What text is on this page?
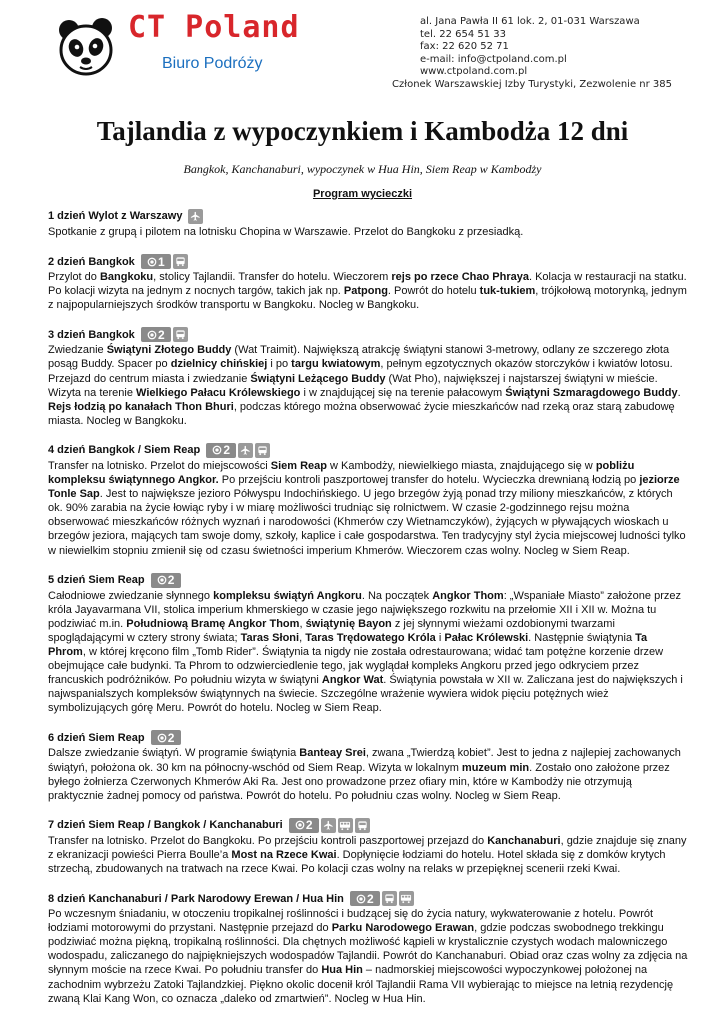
CT Poland
Biuro Podróży
al. Jana Pawła II 61 lok. 2, 01-031 Warszawa
tel. 22 654 51 33
fax: 22 620 52 71
e-mail: info@ctpoland.com.pl
www.ctpoland.com.pl
Członek Warszawskiej Izby Turystyki, Zezwolenie nr 385
Tajlandia z wypoczynkiem i Kambodża 12 dni
Bangkok, Kanchanaburi, wypoczynek w Hua Hin, Siem Reap w Kambodży
Program wycieczki
1 dzień Wylot z Warszawy
Spotkanie z grupą i pilotem na lotnisku Chopina w Warszawie. Przelot do Bangkoku z przesiadką.
2 dzień Bangkok 1
Przylot do Bangkoku, stolicy Tajlandii. Transfer do hotelu. Wieczorem rejs po rzece Chao Phraya. Kolacja w restauracji na statku. Po kolacji wizyta na jednym z nocnych targów, takich jak np. Patpong. Powrót do hotelu tuk-tukiem, trójkołową motorynką, jednym z najpopularniejszych środków transportu w Bangkoku. Nocleg w Bangkoku.
3 dzień Bangkok 2
Zwiedzanie Świątyni Złotego Buddy (Wat Traimit). Największą atrakcję świątyni stanowi 3-metrowy, odlany ze szczerego złota posąg Buddy. Spacer po dzielnicy chińskiej i po targu kwiatowym, pełnym egzotycznych okazów storczyków i kwiatów lotosu. Przejazd do centrum miasta i zwiedzanie Świątyni Leżącego Buddy (Wat Pho), największej i najstarszej świątyni w mieście. Wizyta na terenie Wielkiego Pałacu Królewskiego i w znajdującej się na terenie pałacowym Świątyni Szmaragdowego Buddy. Rejs łodzią po kanałach Thon Bhuri, podczas którego można obserwować życie mieszkańców nad rzeką oraz starą zabudowę miasta. Nocleg w Bangkoku.
4 dzień Bangkok / Siem Reap 2
Transfer na lotnisko. Przelot do miejscowości Siem Reap w Kambodży, niewielkiego miasta, znajdującego się w pobliżu kompleksu świątynnego Angkor. Po przejściu kontroli paszportowej transfer do hotelu. Wycieczka drewnianą łodzią po jeziorze Tonle Sap. Jest to największe jezioro Półwyspu Indochińskiego. U jego brzegów żyją ponad trzy miliony mieszkańców, z których ok. 90% zarabia na życie łowiąc ryby i w miarę możliwości trudniąc się rolnictwem. W czasie 2-godzinnego rejsu można obserwować mieszkańców różnych wyznań i narodowości (Khmerów czy Wietnamczyków), żyjących w pływających wioskach u brzegów jeziora, mających tam swoje domy, szkoły, kaplice i całe gospodarstwa. Ten tradycyjny styl życia miejscowej ludności tylko w niewielkim stopniu zmienił się od czasu świetności imperium Khmerów. Wieczorem czas wolny. Nocleg w Siem Reap.
5 dzień Siem Reap 2
Całodniowe zwiedzanie słynnego kompleksu świątyń Angkoru. Na początek Angkor Thom: „Wspaniałe Miasto” założone przez króla Jayavarmana VII, stolica imperium khmerskiego w czasie jego największego rozkwitu na przełomie XII i XII w. Można tu podziwiać m.in. Południową Bramę Angkor Thom, świątynię Bayon z jej słynnymi wieżami ozdobionymi twarzami spoglądającymi w cztery strony świata; Taras Słoni, Taras Trędowatego Króla i Pałac Królewski. Następnie świątynia Ta Phrom, w której kręcono film „Tomb Rider”. Świątynia ta nigdy nie została odrestaurowana; widać tam potężne korzenie drzew obejmujące całe budynki. Ta Phrom to odzwierciedlenie tego, jak wyglądał kompleks Angkoru przed jego odkryciem przez francuskich podróżników. Po południu wizyta w świątyni Angkor Wat. Świątynia powstała w XII w. Zaliczana jest do największych i najwspanialszych kompleksów świątynnych na świecie. Szczególne wrażenie wywiera widok pięciu potężnych wież symbolizujących górę Meru. Powrót do hotelu. Nocleg w Siem Reap.
6 dzień Siem Reap 2
Dalsze zwiedzanie świątyń. W programie świątynia Banteay Srei, zwana „Twierdzą kobiet”. Jest to jedna z najlepiej zachowanych świątyń, położona ok. 30 km na północny-wschód od Siem Reap. Wizyta w lokalnym muzeum min. Zostało ono założone przez byłego żołnierza Czerwonych Khmerów Aki Ra. Jest ono prowadzone przez ofiary min, które w Kambodży nie otrzymują praktycznie żadnej pomocy od państwa. Powrót do hotelu. Po południu czas wolny. Nocleg w Siem Reap.
7 dzień Siem Reap / Bangkok / Kanchanaburi 2
Transfer na lotnisko. Przelot do Bangkoku. Po przejściu kontroli paszportowej przejazd do Kanchanaburi, gdzie znajduje się znany z ekranizacji powieści Pierra Boulle’a Most na Rzece Kwai. Dopłynięcie łodziami do hotelu. Hotel składa się z domków krytych strzechą, zbudowanych na tratwach na rzece Kwai. Po kolacji czas wolny na relaks w przepięknej scenerii rzeki Kwai.
8 dzień Kanchanaburi / Park Narodowy Erewan / Hua Hin 2
Po wczesnym śniadaniu, w otoczeniu tropikalnej roślinności i budzącej się do życia natury, wykwaterowanie z hotelu. Powrót łodziami motorowymi do przystani. Następnie przejazd do Parku Narodowego Erawan, gdzie podczas swobodnego trekkingu podziwiać można piękną, tropikalną roślinności. Dla chętnych możliwość kąpieli w krystalicznie czystych wodach malowniczego wodospadu, zaliczanego do najpiękniejszych wodospadów Tajlandii. Powrót do Kanchanaburi. Obiad oraz czas wolny za zdjęcia na słynnym moście na rzece Kwai. Po południu transfer do Hua Hin – nadmorskiej miejscowości wypoczynkowej położonej na zachodnim wybrzeżu Zatoki Tajlandzkiej. Piękno okolic docenił król Tajlandii Rama VII wybierając to miejsce na letnią rezydencję zwaną Klai Kang Won, co oznacza „daleko od zmartwień”. Nocleg w Hua Hin.
